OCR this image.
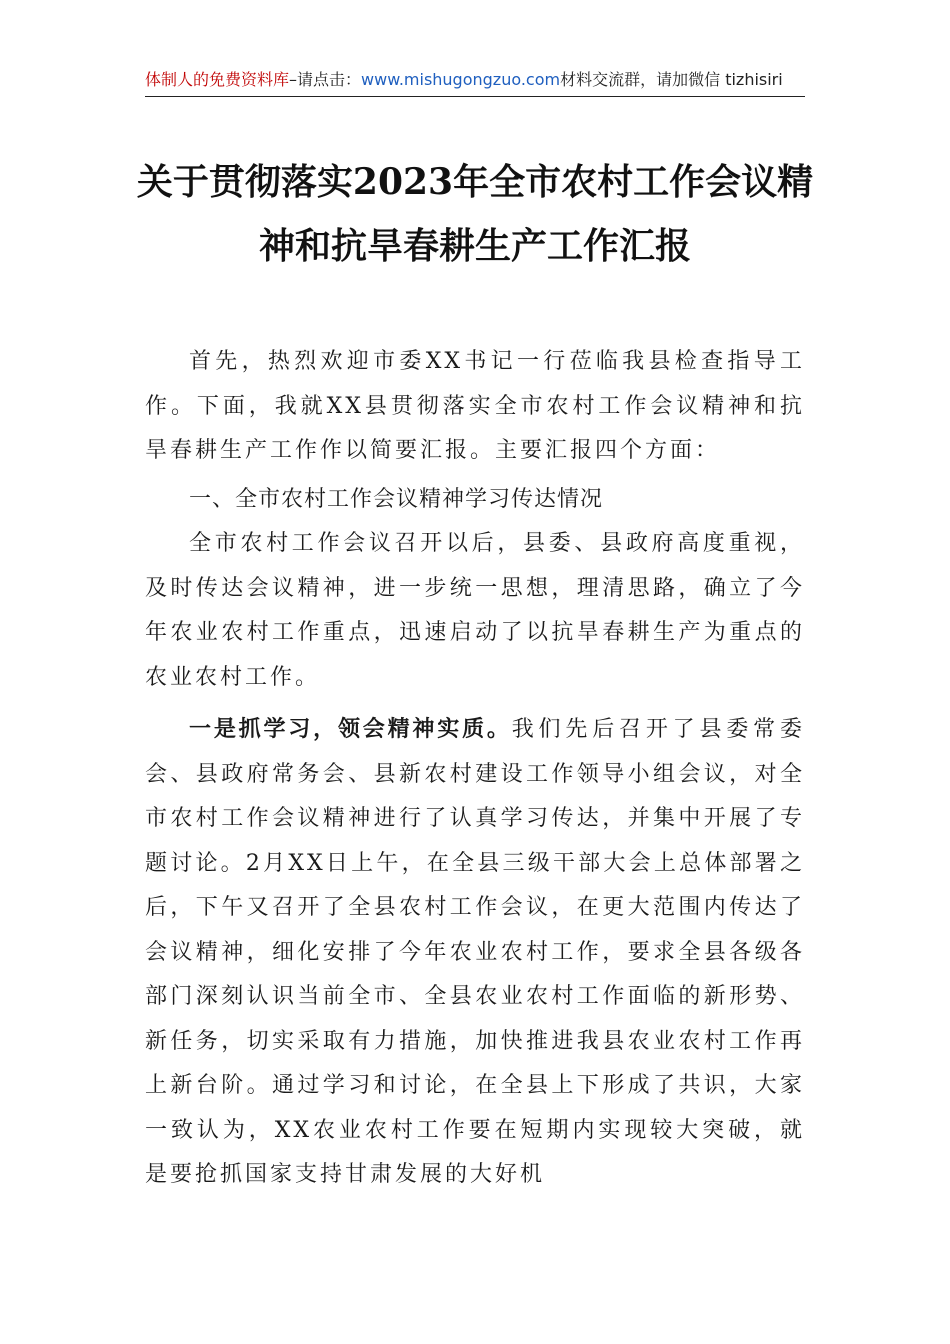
体制人的免费资料库–请点击：www.mishugongzuo.com材料交流群，请加微信 tizhisiri
关于贯彻落实2023年全市农村工作会议精
神和抗旱春耕生产工作汇报

首先，热烈欢迎市委XX书记一行莅临我县检查指导工作。下面，我就XX县贯彻落实全市农村工作会议精神和抗旱春耕生产工作作以简要汇报。主要汇报四个方面：

一、全市农村工作会议精神学习传达情况

全市农村工作会议召开以后，县委、县政府高度重视，及时传达会议精神，进一步统一思想，理清思路，确立了今年农业农村工作重点，迅速启动了以抗旱春耕生产为重点的农业农村工作。

一是抓学习，领会精神实质。我们先后召开了县委常委会、县政府常务会、县新农村建设工作领导小组会议，对全市农村工作会议精神进行了认真学习传达，并集中开展了专题讨论。2月XX日上午，在全县三级干部大会上总体部署之后，下午又召开了全县农村工作会议，在更大范围内传达了会议精神，细化安排了今年农业农村工作，要求全县各级各部门深刻认识当前全市、全县农业农村工作面临的新形势、新任务，切实采取有力措施，加快推进我县农业农村工作再上新台阶。通过学习和讨论，在全县上下形成了共识，大家一致认为，XX农业农村工作要在短期内实现较大突破，就是要抢抓国家支持甘肃发展的大好机
